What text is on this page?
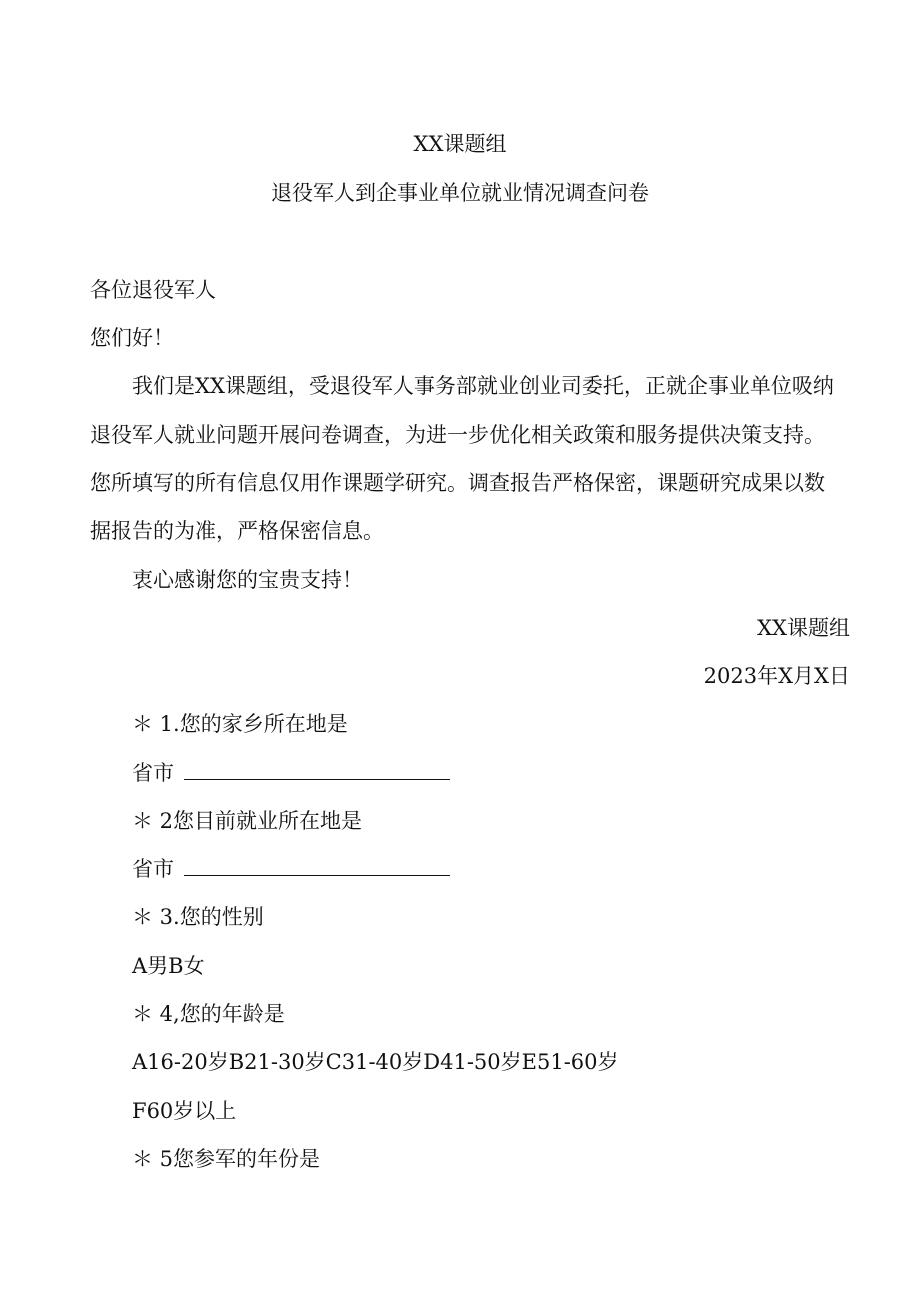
XX课题组
退役军人到企事业单位就业情况调查问卷
各位退役军人
您们好！
我们是XX课题组，受退役军人事务部就业创业司委托，正就企事业单位吸纳
退役军人就业问题开展问卷调查，为进一步优化相关政策和服务提供决策支持。
您所填写的所有信息仅用作课题学研究。调查报告严格保密，课题研究成果以数
据报告的为准，严格保密信息。
衷心感谢您的宝贵支持！
XX课题组
2023年X月X日
＊ 1.您的家乡所在地是
省市
＊ 2您目前就业所在地是
省市
＊ 3.您的性别
A男B女
＊ 4,您的年龄是
A16-20岁B21-30岁C31-40岁D41-50岁E51-60岁
F60岁以上
＊ 5您参军的年份是
